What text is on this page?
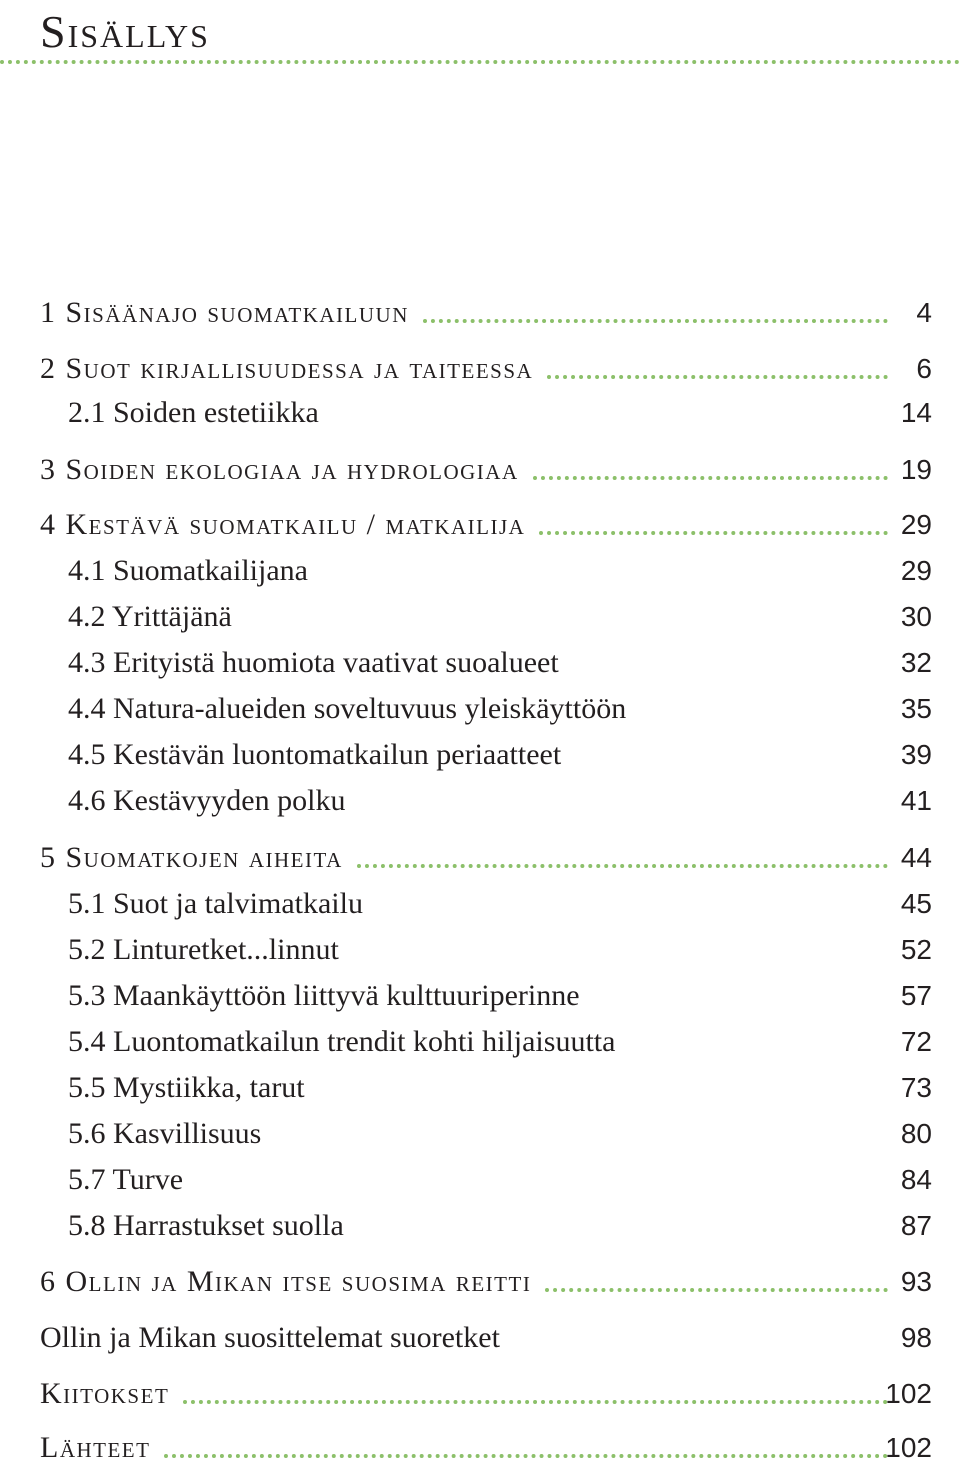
Sisällys
1 Sisäänajo suomatkailuun	4
2 Suot kirjallisuudessa ja taiteessa	6
2.1 Soiden estetiikka	14
3 Soiden ekologiaa ja hydrologiaa	19
4 Kestävä suomatkailu / matkailija	29
4.1 Suomatkailijana	29
4.2 Yrittäjänä	30
4.3 Erityistä huomiota vaativat suoalueet	32
4.4 Natura-alueiden soveltuvuus yleiskäyttöön	35
4.5 Kestävän luontomatkailun periaatteet	39
4.6 Kestävyyden polku	41
5 Suomatkojen aiheita	44
5.1 Suot ja talvimatkailu	45
5.2 Linturetket...linnut	52
5.3 Maankäyttöön liittyvä kulttuuriperinne	57
5.4 Luontomatkailun trendit kohti hiljaisuutta	72
5.5 Mystiikka, tarut	73
5.6 Kasvillisuus	80
5.7 Turve	84
5.8 Harrastukset suolla	87
6 Ollin ja Mikan itse suosima reitti	93
Ollin ja Mikan suosittelemat suoretket	98
Kiitokset	102
Lähteet	102
